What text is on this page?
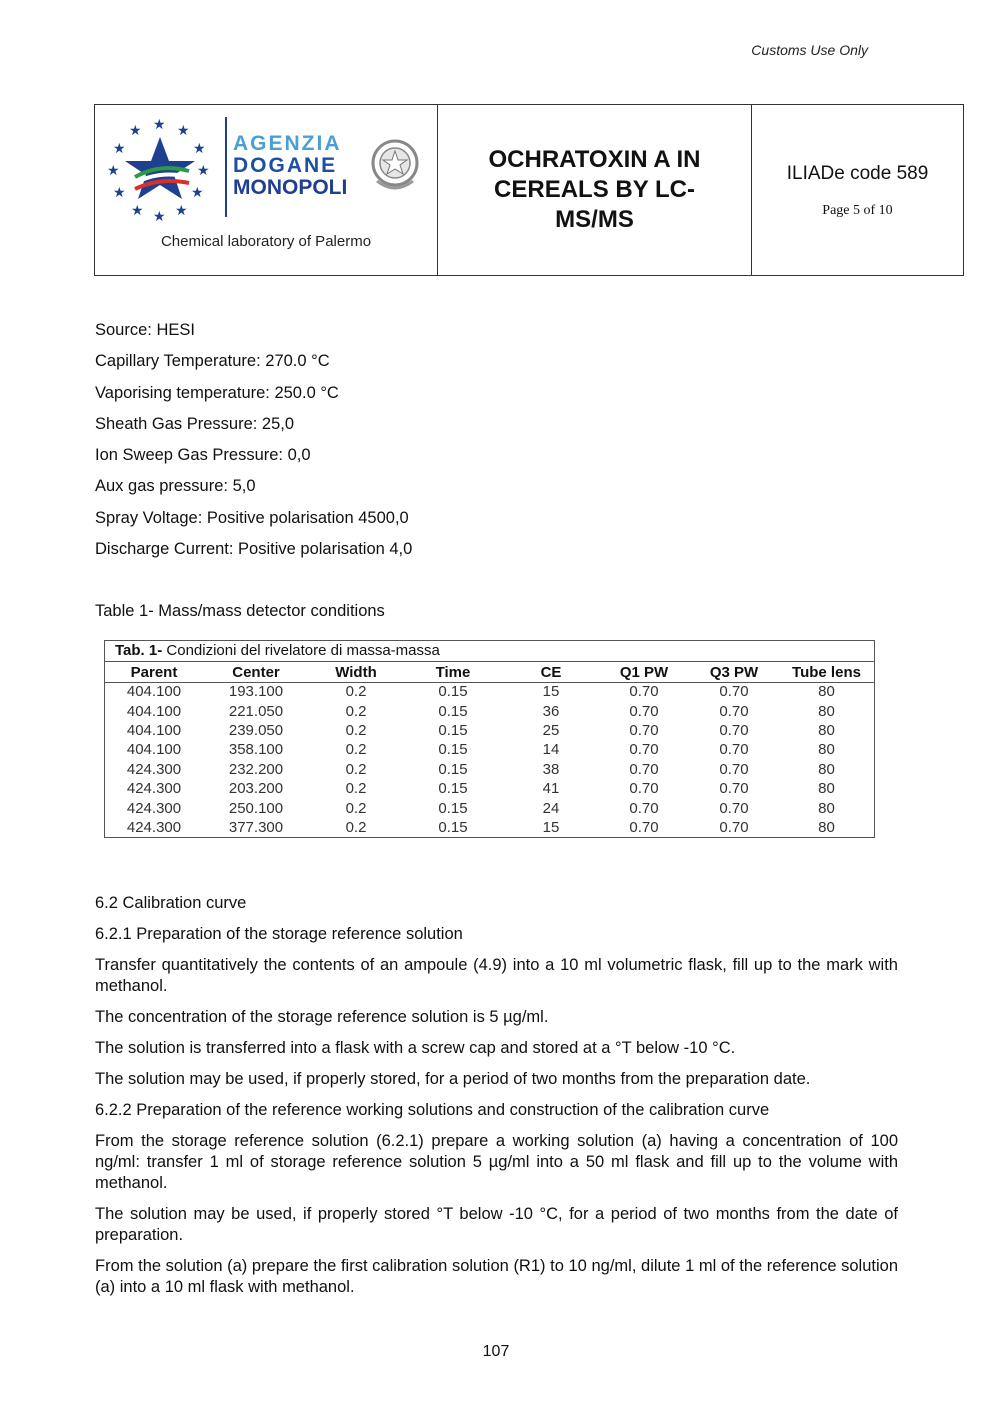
Customs Use Only
★ ★
★
★
★
★
★
★
★
★
★ ★
AGENZIA
DOGANE
MONOPOLI
Chemical laboratory of Palermo
OCHRATOXIN A IN CEREALS BY LC-MS/MS
ILIADe code 589
Page 5 of 10
Source: HESI
Capillary Temperature: 270.0 °C
Vaporising temperature: 250.0 °C
Sheath Gas Pressure: 25,0
Ion Sweep Gas Pressure: 0,0
Aux gas pressure: 5,0
Spray Voltage: Positive polarisation 4500,0
Discharge Current: Positive polarisation 4,0
Table 1- Mass/mass detector conditions
Tab. 1- Condizioni del rivelatore di massa-massa
Parent	Center	Width	Time	CE	Q1 PW	Q3 PW	Tube lens
404.100	193.100	0.2	0.15	15	0.70	0.70	80
404.100	221.050	0.2	0.15	36	0.70	0.70	80
404.100	239.050	0.2	0.15	25	0.70	0.70	80
404.100	358.100	0.2	0.15	14	0.70	0.70	80
424.300	232.200	0.2	0.15	38	0.70	0.70	80
424.300	203.200	0.2	0.15	41	0.70	0.70	80
424.300	250.100	0.2	0.15	24	0.70	0.70	80
424.300	377.300	0.2	0.15	15	0.70	0.70	80

6.2 Calibration curve

6.2.1 Preparation of the storage reference solution

Transfer quantitatively the contents of an ampoule (4.9) into a 10 ml volumetric flask, fill up to the mark with methanol.

The concentration of the storage reference solution is 5 µg/ml.

The solution is transferred into a flask with a screw cap and stored at a °T below -10 °C.

The solution may be used, if properly stored, for a period of two months from the preparation date.

6.2.2 Preparation of the reference working solutions and construction of the calibration curve

From the storage reference solution (6.2.1) prepare a working solution (a) having a concentration of 100 ng/ml: transfer 1 ml of storage reference solution 5 µg/ml into a 50 ml flask and fill up to the volume with methanol.

The solution may be used, if properly stored °T below -10 °C, for a period of two months from the date of preparation.

From the solution (a) prepare the first calibration solution (R1) to 10 ng/ml, dilute 1 ml of the reference solution (a) into a 10 ml flask with methanol.

107
